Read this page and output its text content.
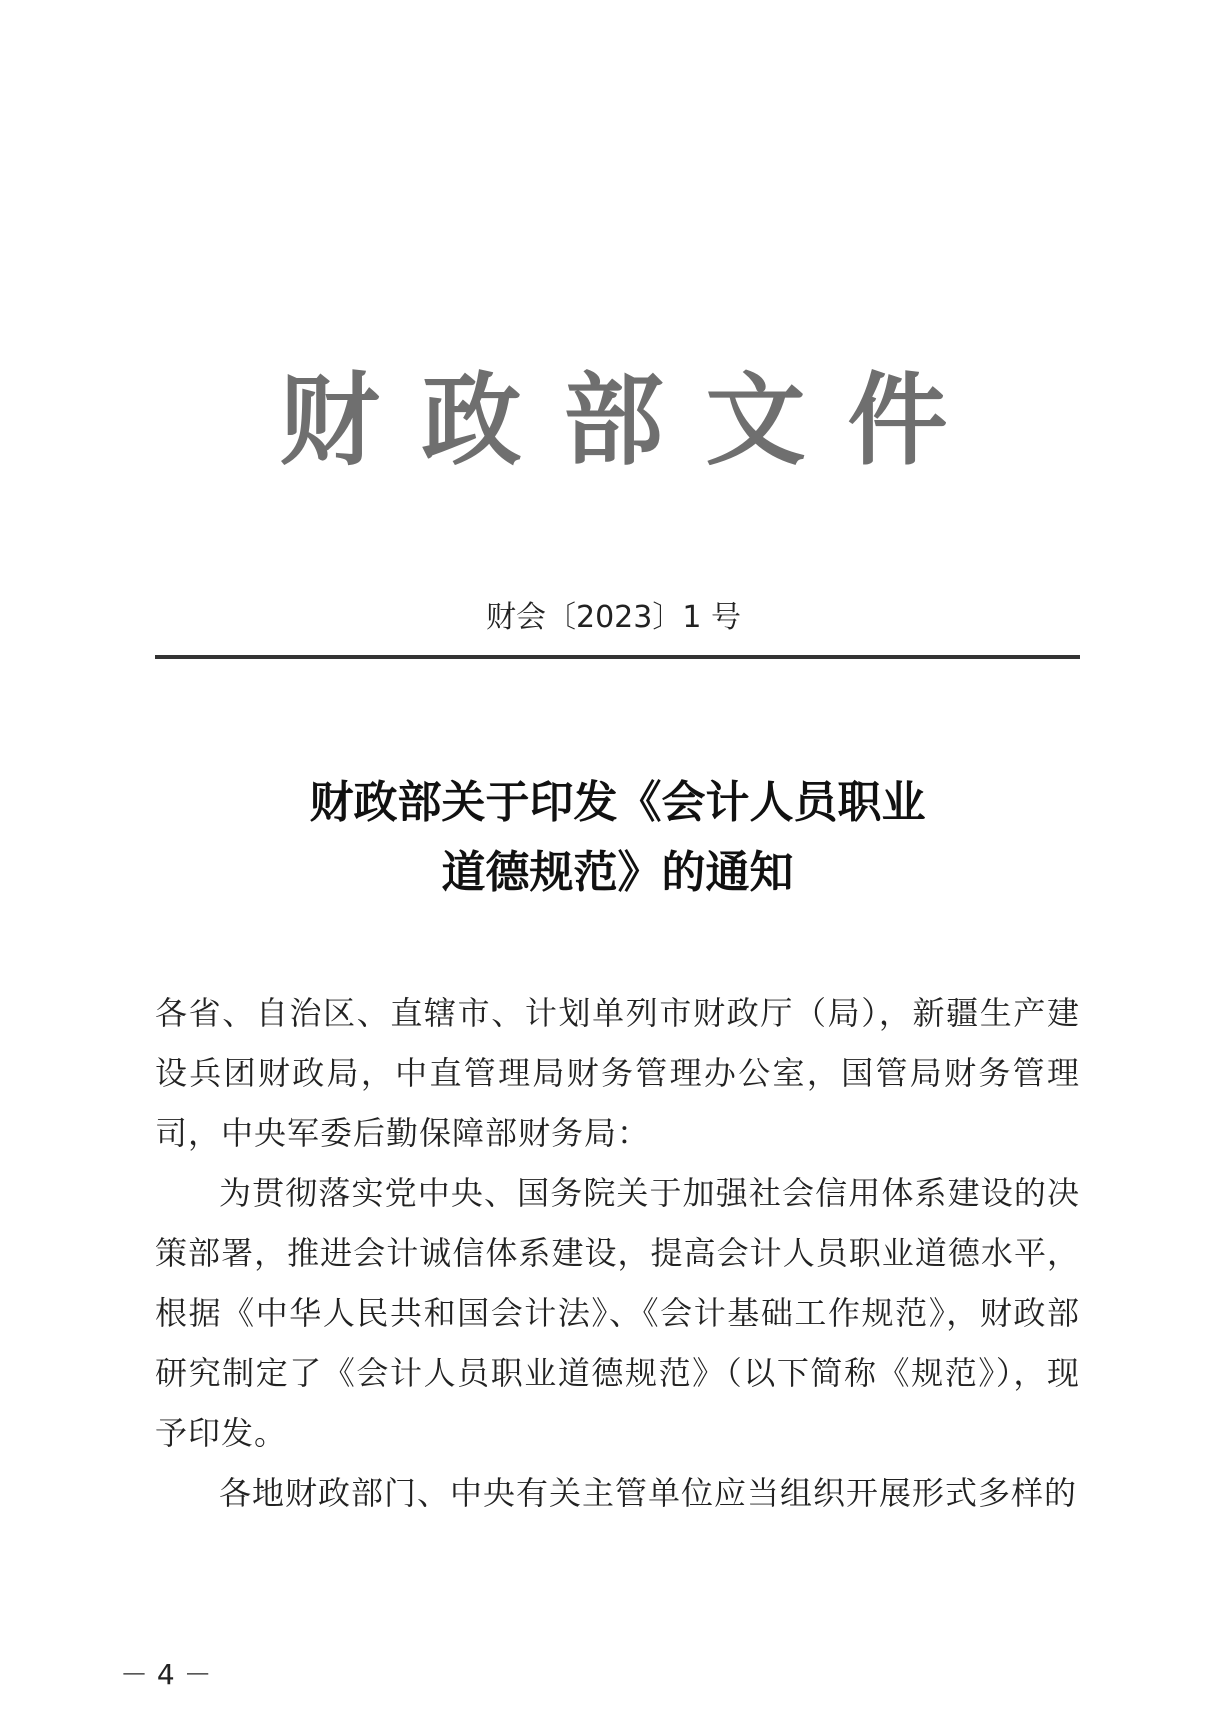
财政部文件
财会〔2023〕1 号
财政部关于印发《会计人员职业
道德规范》的通知

各省、自治区、直辖市、计划单列市财政厅（局），新疆生产建设兵团财政局，中直管理局财务管理办公室，国管局财务管理司，中央军委后勤保障部财务局：

为贯彻落实党中央、国务院关于加强社会信用体系建设的决策部署，推进会计诚信体系建设，提高会计人员职业道德水平，根据《中华人民共和国会计法》、《会计基础工作规范》，财政部研究制定了《会计人员职业道德规范》（以下简称《规范》），现予印发。

各地财政部门、中央有关主管单位应当组织开展形式多样的

－ 4 －
